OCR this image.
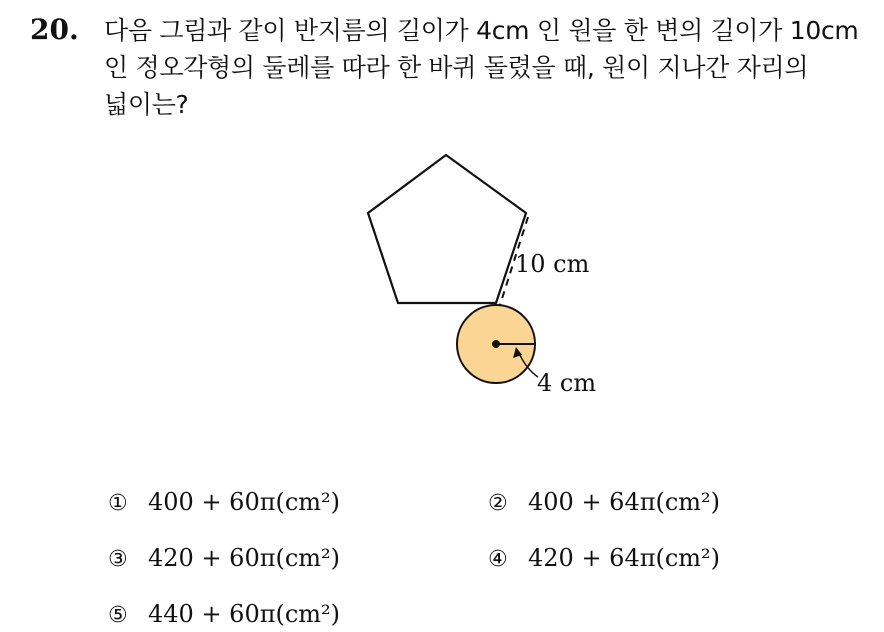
20. 다음 그림과 같이 반지름의 길이가 4cm 인 원을 한 변의 길이가 10cm
인 정오각형의 둘레를 따라 한 바퀴 돌렸을 때, 원이 지나간 자리의
넓이는?
10 cm
4 cm
① 400 + 60π(cm²)	② 400 + 64π(cm²)
③ 420 + 60π(cm²)	④ 420 + 64π(cm²)
⑤ 440 + 60π(cm²)
